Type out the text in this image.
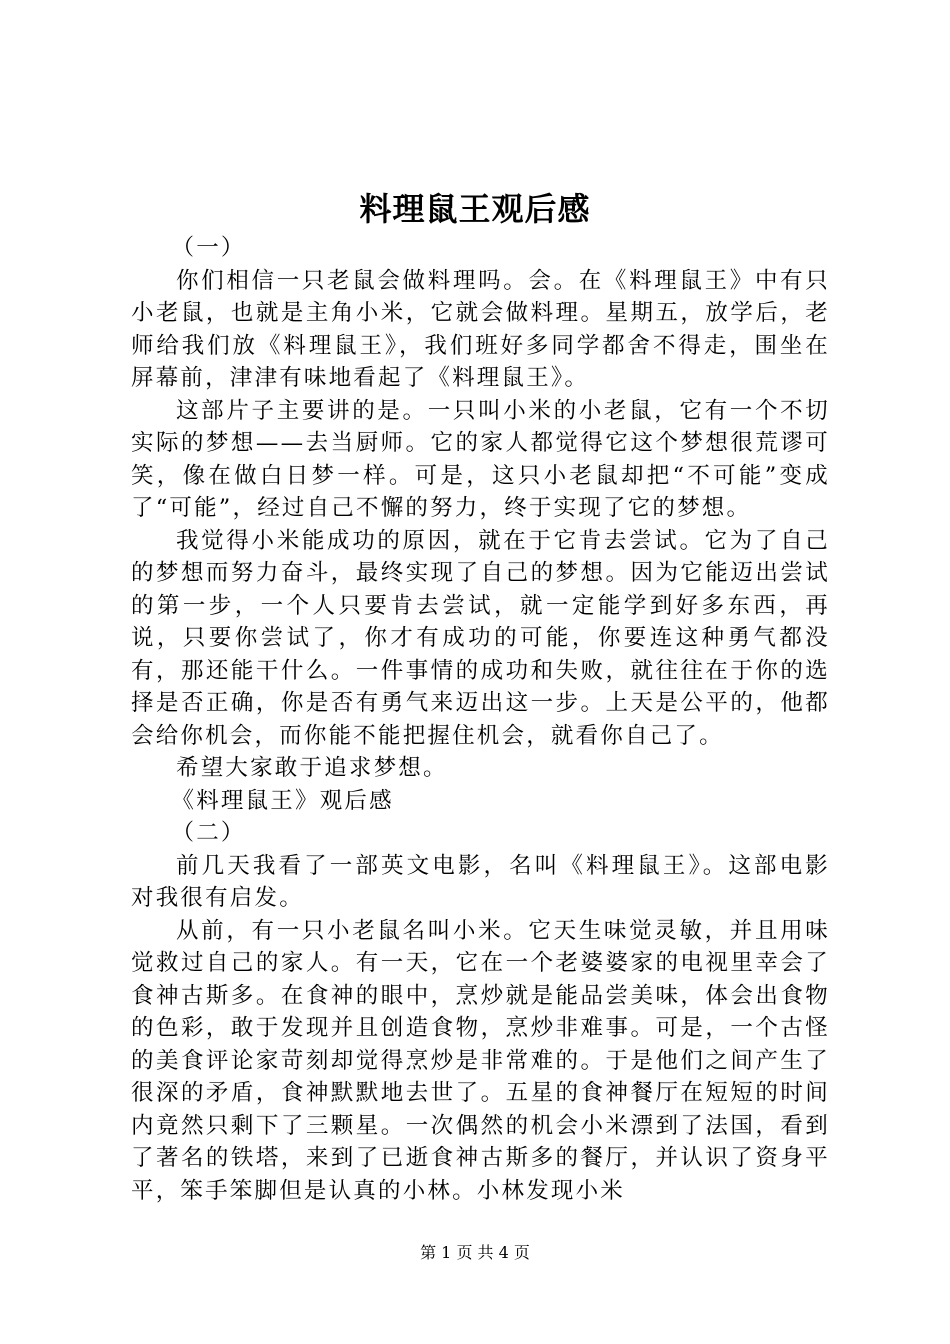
料理鼠王观后感

（一）

你们相信一只老鼠会做料理吗。会。在《料理鼠王》中有只小老鼠，也就是主角小米，它就会做料理。星期五，放学后，老师给我们放《料理鼠王》，我们班好多同学都舍不得走，围坐在屏幕前，津津有味地看起了《料理鼠王》。

这部片子主要讲的是。一只叫小米的小老鼠，它有一个不切实际的梦想——去当厨师。它的家人都觉得它这个梦想很荒谬可笑，像在做白日梦一样。可是，这只小老鼠却把“不可能”变成了“可能”，经过自己不懈的努力，终于实现了它的梦想。

我觉得小米能成功的原因，就在于它肯去尝试。它为了自己的梦想而努力奋斗，最终实现了自己的梦想。因为它能迈出尝试的第一步，一个人只要肯去尝试，就一定能学到好多东西，再说，只要你尝试了，你才有成功的可能，你要连这种勇气都没有，那还能干什么。一件事情的成功和失败，就往往在于你的选择是否正确，你是否有勇气来迈出这一步。上天是公平的，他都会给你机会，而你能不能把握住机会，就看你自己了。

希望大家敢于追求梦想。

《料理鼠王》观后感

（二）

前几天我看了一部英文电影，名叫《料理鼠王》。这部电影对我很有启发。

从前，有一只小老鼠名叫小米。它天生味觉灵敏，并且用味觉救过自己的家人。有一天，它在一个老婆婆家的电视里幸会了食神古斯多。在食神的眼中，烹炒就是能品尝美味，体会出食物的色彩，敢于发现并且创造食物，烹炒非难事。可是，一个古怪的美食评论家苛刻却觉得烹炒是非常难的。于是他们之间产生了很深的矛盾，食神默默地去世了。五星的食神餐厅在短短的时间内竟然只剩下了三颗星。一次偶然的机会小米漂到了法国，看到了著名的铁塔，来到了已逝食神古斯多的餐厅，并认识了资身平平，笨手笨脚但是认真的小林。小林发现小米

第 1 页 共 4 页
